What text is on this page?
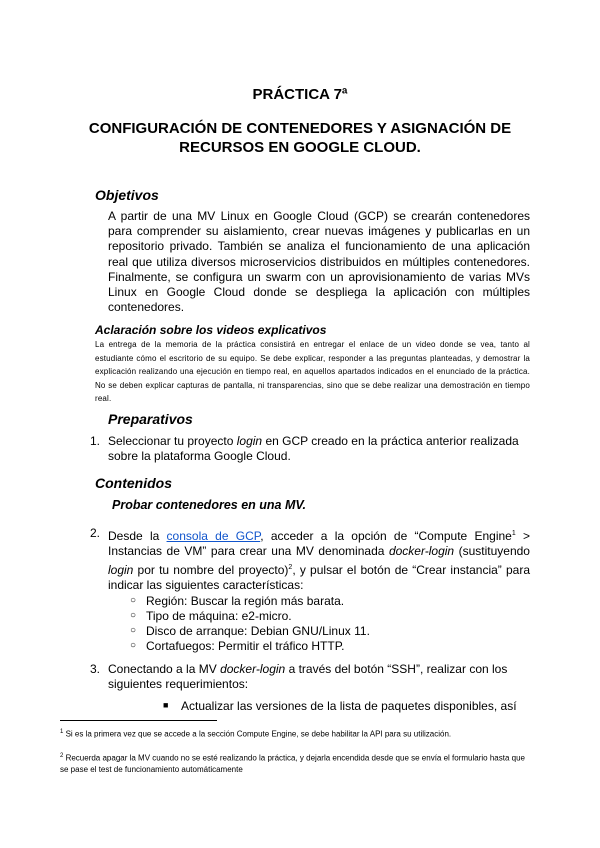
PRÁCTICA 7ª
CONFIGURACIÓN DE CONTENEDORES Y ASIGNACIÓN DE RECURSOS EN GOOGLE CLOUD.
Objetivos
A partir de una MV Linux en Google Cloud (GCP) se crearán contenedores para comprender su aislamiento, crear nuevas imágenes y publicarlas en un repositorio privado. También se analiza el funcionamiento de una aplicación real que utiliza diversos microservicios distribuidos en múltiples contenedores. Finalmente, se configura un swarm con un aprovisionamiento de varias MVs Linux en Google Cloud donde se despliega la aplicación con múltiples contenedores.
Aclaración sobre los videos explicativos
La entrega de la memoria de la práctica consistirá en entregar el enlace de un video donde se vea, tanto al estudiante cómo el escritorio de su equipo. Se debe explicar, responder a las preguntas planteadas, y demostrar la explicación realizando una ejecución en tiempo real, en aquellos apartados indicados en el enunciado de la práctica. No se deben explicar capturas de pantalla, ni transparencias, sino que se debe realizar una demostración en tiempo real.
Preparativos
1. Seleccionar tu proyecto login en GCP creado en la práctica anterior realizada sobre la plataforma Google Cloud.
Contenidos
Probar contenedores en una MV.
2. Desde la consola de GCP, acceder a la opción de “Compute Engine$^1$ > Instancias de VM” para crear una MV denominada docker-login (sustituyendo login por tu nombre del proyecto)$^2$, y pulsar el botón de “Crear instancia” para indicar las siguientes características:
○ Región: Buscar la región más barata.
○ Tipo de máquina: e2-micro.
○ Disco de arranque: Debian GNU/Linux 11.
○ Cortafuegos: Permitir el tráfico HTTP.
3. Conectando a la MV docker-login a través del botón “SSH”, realizar con los siguientes requerimientos:
■ Actualizar las versiones de la lista de paquetes disponibles, así
$^1$ Si es la primera vez que se accede a la sección Compute Engine, se debe habilitar la API para su utilización.
$^2$ Recuerda apagar la MV cuando no se esté realizando la práctica, y dejarla encendida desde que se envía el formulario hasta que se pase el test de funcionamiento automáticamente
